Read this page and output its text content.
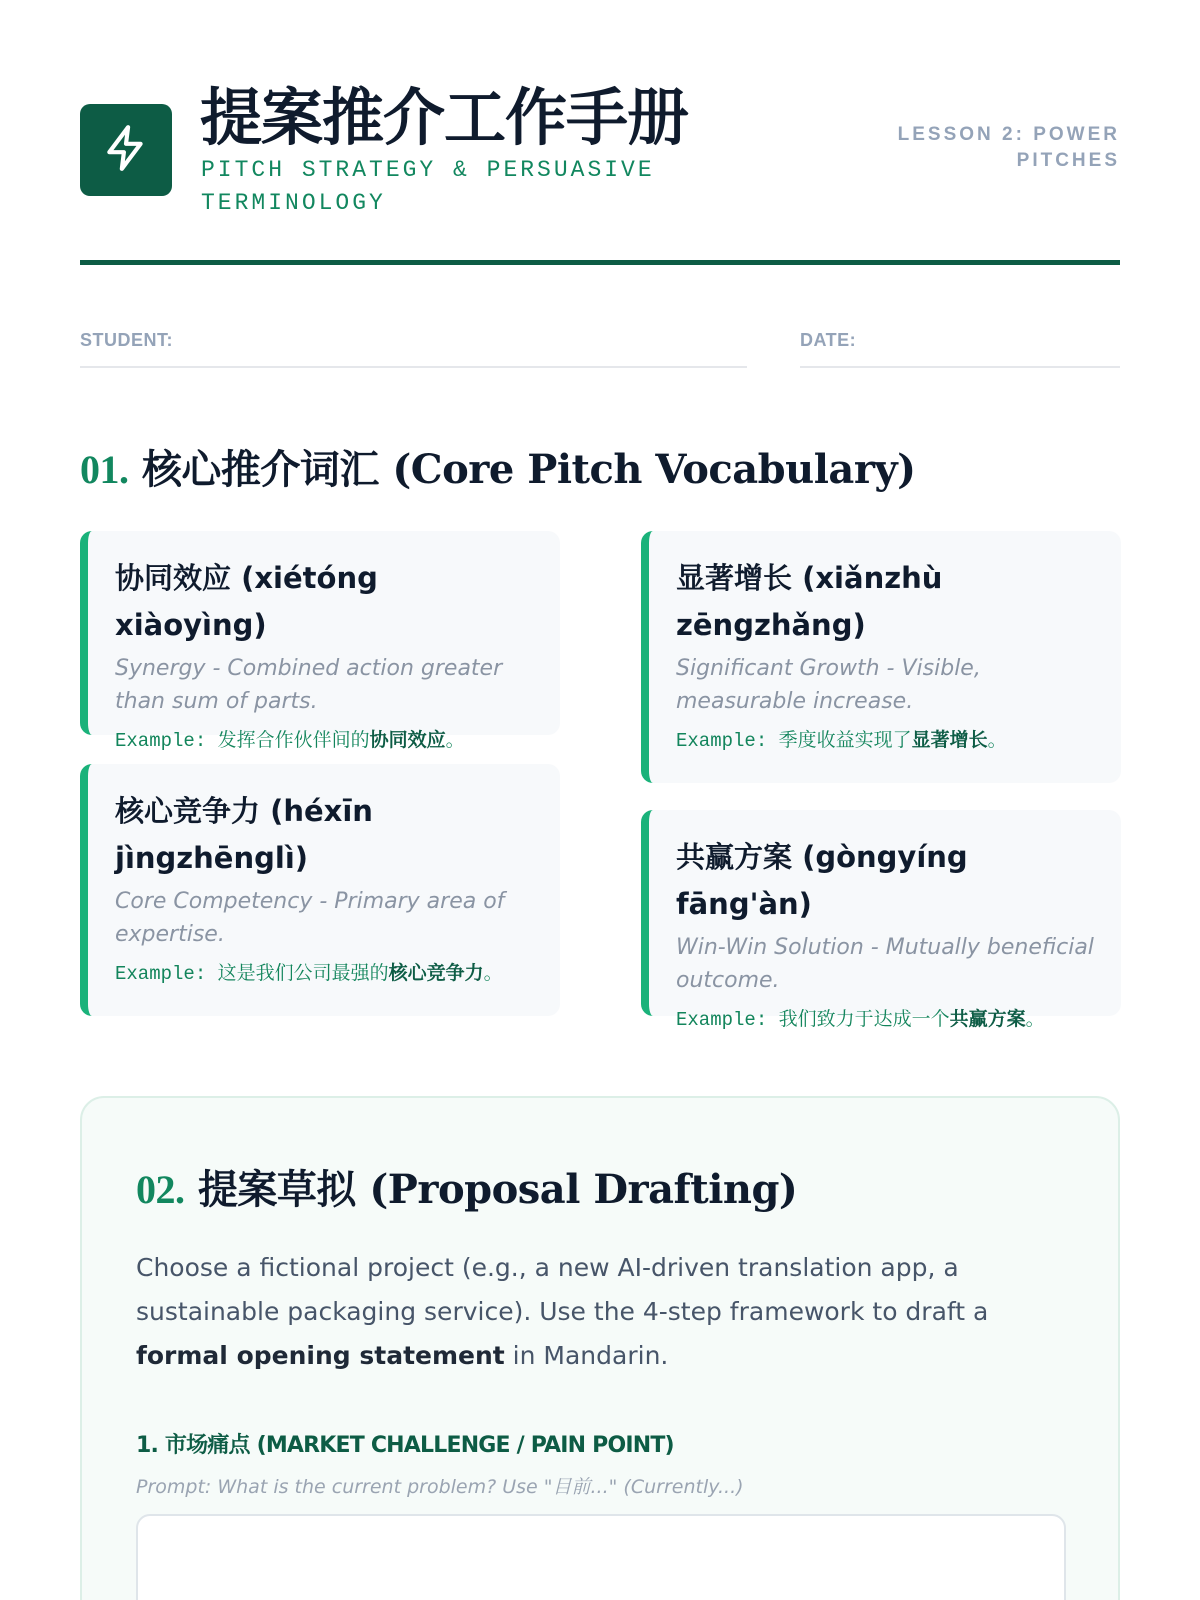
提案推介工作手册
PITCH STRATEGY & PERSUASIVE TERMINOLOGY
LESSON 2: POWER PITCHES
STUDENT:	DATE:
01. 核心推介词汇 (Core Pitch Vocabulary)
协同效应 (xiétóng xiàoyìng)
Synergy - Combined action greater than sum of parts.
Example: 发挥合作伙伴间的协同效应。
核心竞争力 (héxīn jìngzhēnglì)
Core Competency - Primary area of expertise.
Example: 这是我们公司最强的核心竞争力。
显著增长 (xiǎnzhù zēngzhǎng)
Significant Growth - Visible, measurable increase.
Example: 季度收益实现了显著增长。
共赢方案 (gòngyíng fāng'àn)
Win-Win Solution - Mutually beneficial outcome.
Example: 我们致力于达成一个共赢方案。
02. 提案草拟 (Proposal Drafting)
Choose a fictional project (e.g., a new AI-driven translation app, a sustainable packaging service). Use the 4-step framework to draft a formal opening statement in Mandarin.
1. 市场痛点 (MARKET CHALLENGE / PAIN POINT)
Prompt: What is the current problem? Use "目前..." (Currently...)
